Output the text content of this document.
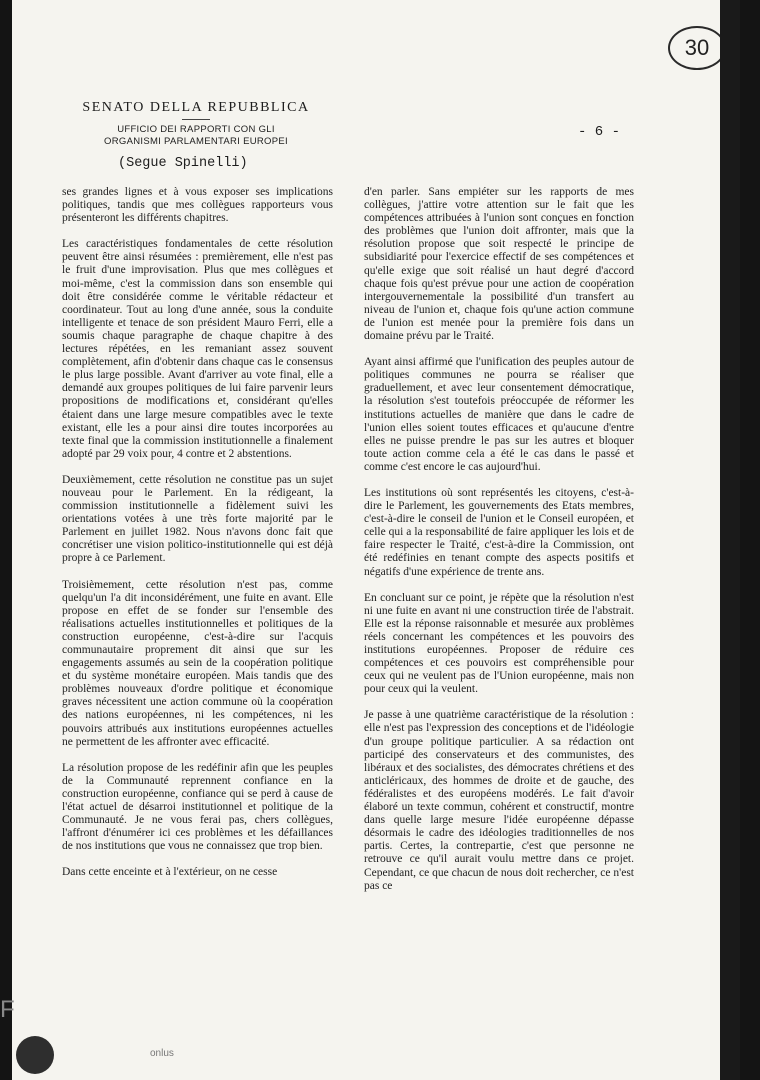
30

SENATO DELLA REPUBBLICA

UFFICIO DEI RAPPORTI CON GLI

ORGANISMI PARLAMENTARI EUROPEI

- 6 -

(Segue Spinelli)

ses grandes lignes et à vous exposer ses implications politiques, tandis que mes collègues rapporteurs vous présenteront les différents chapitres.

Les caractéristiques fondamentales de cette résolution peuvent être ainsi résumées : premièrement, elle n'est pas le fruit d'une improvisation. Plus que mes collègues et moi-même, c'est la commission dans son ensemble qui doit être considérée comme le véritable rédacteur et coordinateur. Tout au long d'une année, sous la conduite intelligente et tenace de son président Mauro Ferri, elle a soumis chaque paragraphe de chaque chapitre à des lectures répétées, en les remaniant assez souvent complètement, afin d'obtenir dans chaque cas le consensus le plus large possible. Avant d'arriver au vote final, elle a demandé aux groupes politiques de lui faire parvenir leurs propositions de modifications et, considérant qu'elles étaient dans une large mesure compatibles avec le texte existant, elle les a pour ainsi dire toutes incorporées au texte final que la commission institutionnelle a finalement adopté par 29 voix pour, 4 contre et 2 abstentions.

Deuxièmement, cette résolution ne constitue pas un sujet nouveau pour le Parlement. En la rédigeant, la commission institutionnelle a fidèlement suivi les orientations votées à une très forte majorité par le Parlement en juillet 1982. Nous n'avons donc fait que concrétiser une vision politico-institutionnelle qui est déjà propre à ce Parlement.

Troisièmement, cette résolution n'est pas, comme quelqu'un l'a dit inconsidérément, une fuite en avant. Elle propose en effet de se fonder sur l'ensemble des réalisations actuelles institutionnelles et politiques de la construction européenne, c'est-à-dire sur l'acquis communautaire proprement dit ainsi que sur les engagements assumés au sein de la coopération politique et du système monétaire européen. Mais tandis que des problèmes nouveaux d'ordre politique et économique graves nécessitent une action commune où la coopération des nations européennes, ni les compétences, ni les pouvoirs attribués aux institutions européennes actuelles ne permettent de les affronter avec efficacité.

La résolution propose de les redéfinir afin que les peuples de la Communauté reprennent confiance en la construction européenne, confiance qui se perd à cause de l'état actuel de désarroi institutionnel et politique de la Communauté. Je ne vous ferai pas, chers collègues, l'affront d'énumérer ici ces problèmes et les défaillances de nos institutions que vous ne connaissez que trop bien.

Dans cette enceinte et à l'extérieur, on ne cesse

d'en parler. Sans empiéter sur les rapports de mes collègues, j'attire votre attention sur le fait que les compétences attribuées à l'union sont conçues en fonction des problèmes que l'union doit affronter, mais que la résolution propose que soit respecté le principe de subsidiarité pour l'exercice effectif de ses compétences et qu'elle exige que soit réalisé un haut degré d'accord chaque fois qu'est prévue pour une action de coopération intergouvernementale la possibilité d'un transfert au niveau de l'union et, chaque fois qu'une action commune de l'union est menée pour la première fois dans un domaine prévu par le Traité.

Ayant ainsi affirmé que l'unification des peuples autour de politiques communes ne pourra se réaliser que graduellement, et avec leur consentement démocratique, la résolution s'est toutefois préoccupée de réformer les institutions actuelles de manière que dans le cadre de l'union elles soient toutes efficaces et qu'aucune d'entre elles ne puisse prendre le pas sur les autres et bloquer toute action comme cela a été le cas dans le passé et comme c'est encore le cas aujourd'hui.

Les institutions où sont représentés les citoyens, c'est-à-dire le Parlement, les gouvernements des Etats membres, c'est-à-dire le conseil de l'union et le Conseil européen, et celle qui a la responsabilité de faire appliquer les lois et de faire respecter le Traité, c'est-à-dire la Commission, ont été redéfinies en tenant compte des aspects positifs et négatifs d'une expérience de trente ans.

En concluant sur ce point, je répète que la résolution n'est ni une fuite en avant ni une construction tirée de l'abstrait. Elle est la réponse raisonnable et mesurée aux problèmes réels concernant les compétences et les pouvoirs des institutions européennes. Proposer de réduire ces compétences et ces pouvoirs est compréhensible pour ceux qui ne veulent pas de l'Union européenne, mais non pour ceux qui la veulent.

Je passe à une quatrième caractéristique de la résolution : elle n'est pas l'expression des conceptions et de l'idéologie d'un groupe politique particulier. A sa rédaction ont participé des conservateurs et des communistes, des libéraux et des socialistes, des démocrates chrétiens et des anticléricaux, des hommes de droite et de gauche, des fédéralistes et des européens modérés. Le fait d'avoir élaboré un texte commun, cohérent et constructif, montre dans quelle large mesure l'idée européenne dépasse désormais le cadre des idéologies traditionnelles de nos partis. Certes, la contrepartie, c'est que personne ne retrouve ce qu'il aurait voulu mettre dans ce projet. Cependant, ce que chacun de nous doit rechercher, ce n'est pas ce

F
onlus
